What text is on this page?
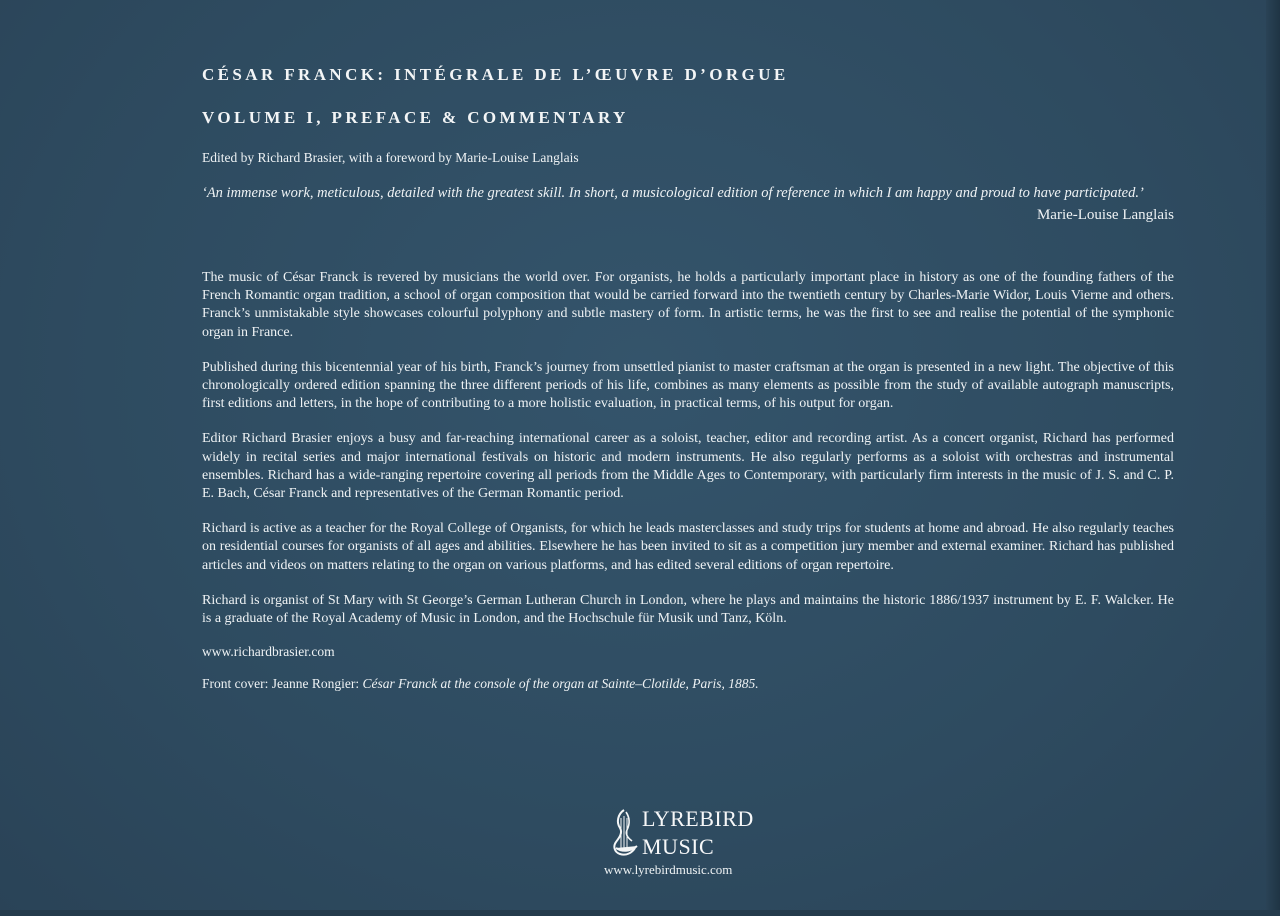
CÉSAR FRANCK: INTÉGRALE DE L’ŒUVRE D’ORGUE
VOLUME I, PREFACE & COMMENTARY

Edited by Richard Brasier, with a foreword by Marie-Louise Langlais

‘An immense work, meticulous, detailed with the greatest skill. In short, a musicological edition of reference in which I am happy and proud to have participated.’

Marie-Louise Langlais

The music of César Franck is revered by musicians the world over. For organists, he holds a particularly important place in history as one of the founding fathers of the French Romantic organ tradition, a school of organ composition that would be carried forward into the twentieth century by Charles-Marie Widor, Louis Vierne and others. Franck’s unmistakable style showcases colourful polyphony and subtle mastery of form. In artistic terms, he was the first to see and realise the potential of the symphonic organ in France.

Published during this bicentennial year of his birth, Franck’s journey from unsettled pianist to master craftsman at the organ is presented in a new light. The objective of this chronologically ordered edition spanning the three different periods of his life, combines as many elements as possible from the study of available autograph manuscripts, first editions and letters, in the hope of contributing to a more holistic evaluation, in practical terms, of his output for organ.

Editor Richard Brasier enjoys a busy and far-reaching international career as a soloist, teacher, editor and recording artist. As a concert organist, Richard has performed widely in recital series and major international festivals on historic and modern instruments. He also regularly performs as a soloist with orchestras and instrumental ensembles. Richard has a wide-ranging repertoire covering all periods from the Middle Ages to Contemporary, with particularly firm interests in the music of J. S. and C. P. E. Bach, César Franck and representatives of the German Romantic period.

Richard is active as a teacher for the Royal College of Organists, for which he leads masterclasses and study trips for students at home and abroad. He also regularly teaches on residential courses for organists of all ages and abilities. Elsewhere he has been invited to sit as a competition jury member and external examiner. Richard has published articles and videos on matters relating to the organ on various platforms, and has edited several editions of organ repertoire.

Richard is organist of St Mary with St George’s German Lutheran Church in London, where he plays and maintains the historic 1886/1937 instrument by E. F. Walcker. He is a graduate of the Royal Academy of Music in London, and the Hochschule für Musik und Tanz, Köln.

www.richardbrasier.com

Front cover: Jeanne Rongier: César Franck at the console of the organ at Sainte–Clotilde, Paris, 1885.

LYREBIRD
MUSIC
www.lyrebirdmusic.com
